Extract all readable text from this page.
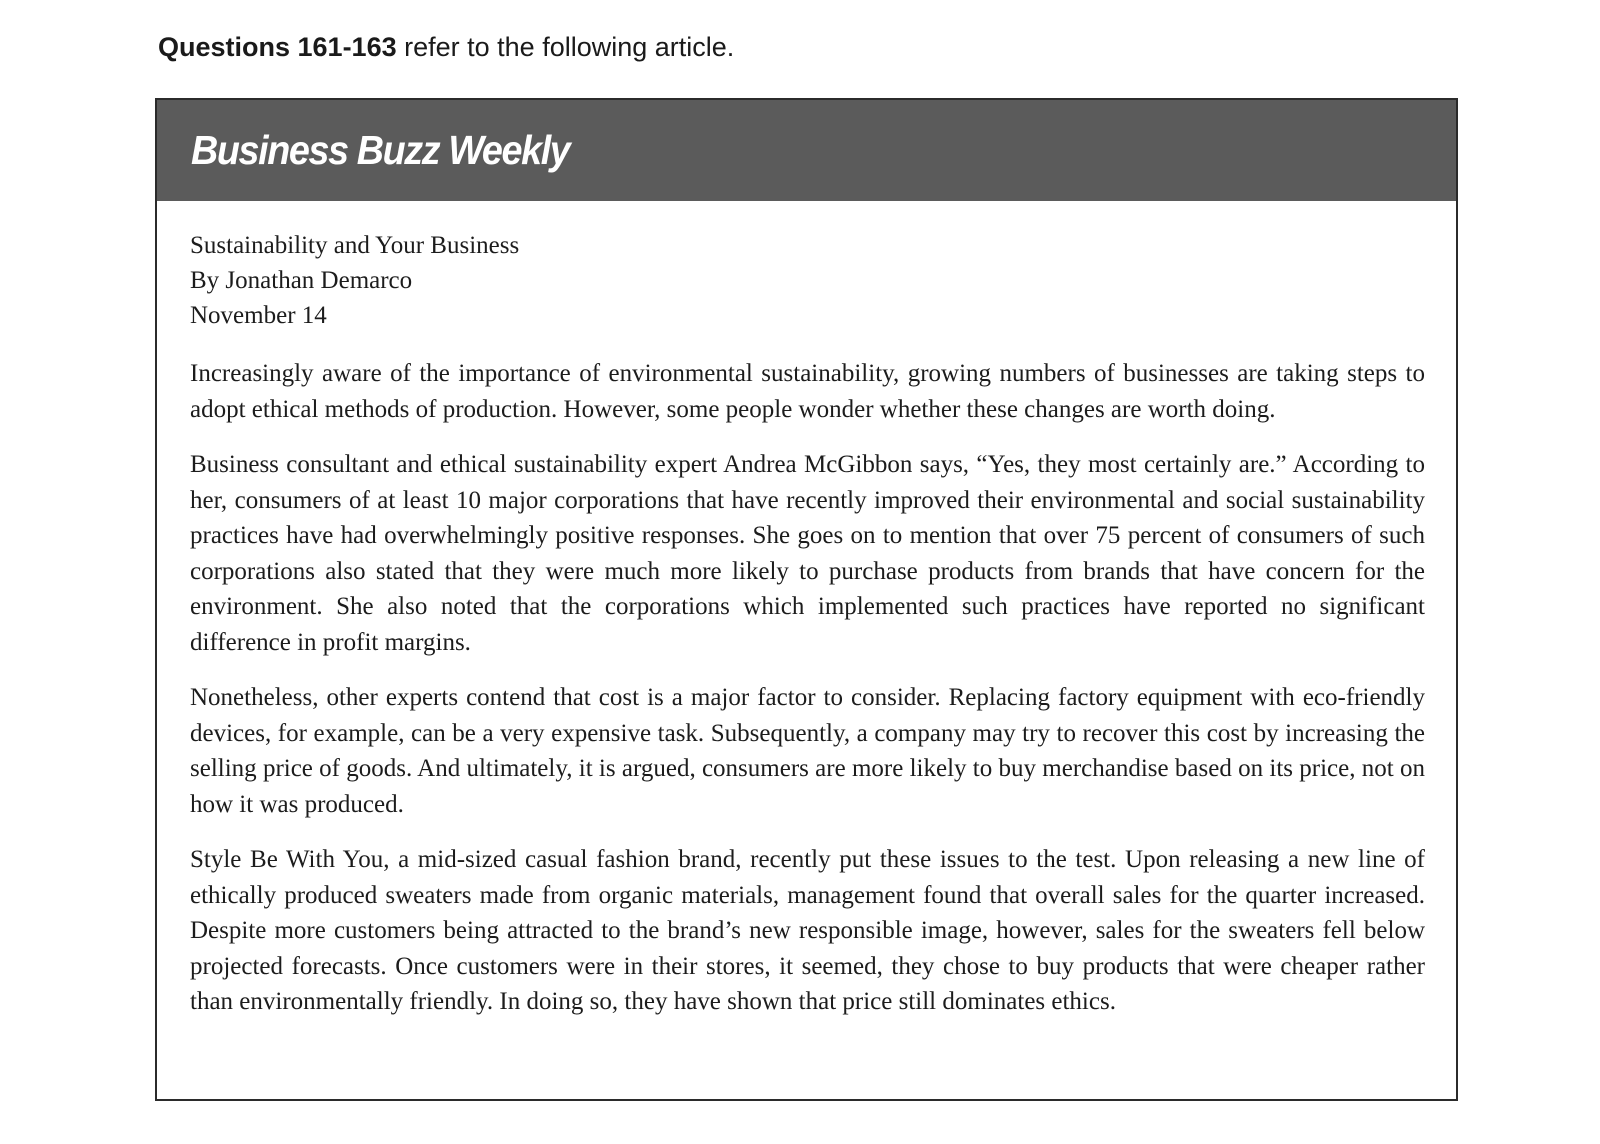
Questions 161-163 refer to the following article.
Business Buzz Weekly

Sustainability and Your Business

By Jonathan Demarco

November 14

Increasingly aware of the importance of environmental sustainability, growing numbers of businesses are taking steps to adopt ethical methods of production. However, some people wonder whether these changes are worth doing.

Business consultant and ethical sustainability expert Andrea McGibbon says, “Yes, they most certainly are.” According to her, consumers of at least 10 major corporations that have recently improved their environmental and social sustainability practices have had overwhelmingly positive responses. She goes on to mention that over 75 percent of consumers of such corporations also stated that they were much more likely to purchase products from brands that have concern for the environment. She also noted that the corporations which implemented such practices have reported no significant difference in profit margins.

Nonetheless, other experts contend that cost is a major factor to consider. Replacing factory equipment with eco-friendly devices, for example, can be a very expensive task. Subsequently, a company may try to recover this cost by increasing the selling price of goods. And ultimately, it is argued, consumers are more likely to buy merchandise based on its price, not on how it was produced.

Style Be With You, a mid-sized casual fashion brand, recently put these issues to the test. Upon releasing a new line of ethically produced sweaters made from organic materials, management found that overall sales for the quarter increased. Despite more customers being attracted to the brand’s new responsible image, however, sales for the sweaters fell below projected forecasts. Once customers were in their stores, it seemed, they chose to buy products that were cheaper rather than environmentally friendly. In doing so, they have shown that price still dominates ethics.
